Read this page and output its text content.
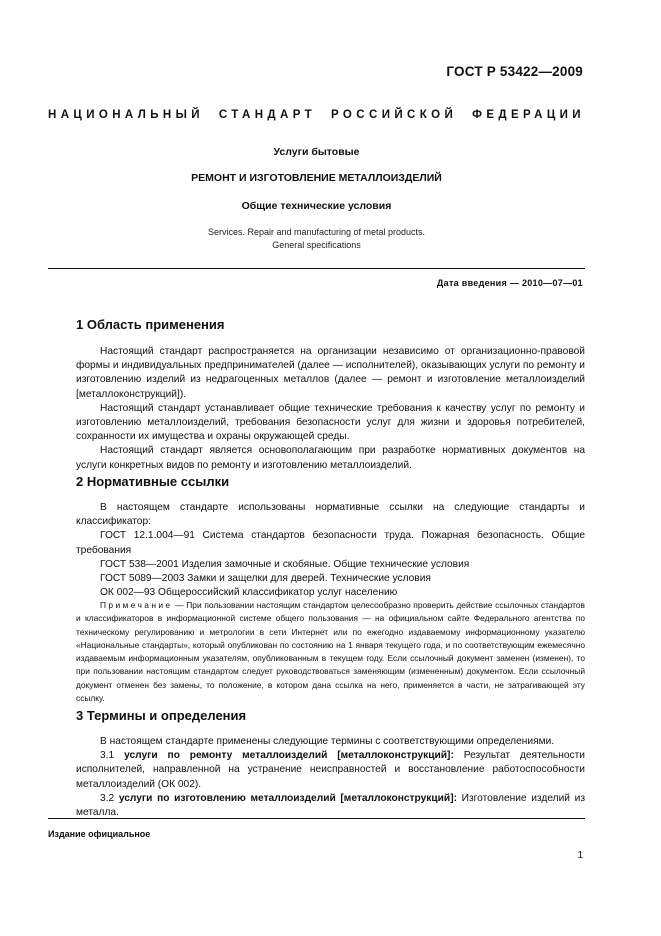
ГОСТ Р 53422—2009
НАЦИОНАЛЬНЫЙ СТАНДАРТ РОССИЙСКОЙ ФЕДЕРАЦИИ
Услуги бытовые
РЕМОНТ И ИЗГОТОВЛЕНИЕ МЕТАЛЛОИЗДЕЛИЙ
Общие технические условия
Services. Repair and manufacturing of metal products.
General specifications
Дата введения — 2010—07—01
1 Область применения

Настоящий стандарт распространяется на организации независимо от организационно-правовой формы и индивидуальных предпринимателей (далее — исполнителей), оказывающих услуги по ремонту и изготовлению изделий из недрагоценных металлов (далее — ремонт и изготовление металлоизделий [металлоконструкций]).

Настоящий стандарт устанавливает общие технические требования к качеству услуг по ремонту и изготовлению металлоизделий, требования безопасности услуг для жизни и здоровья потребителей, сохранности их имущества и охраны окружающей среды.

Настоящий стандарт является основополагающим при разработке нормативных документов на услуги конкретных видов по ремонту и изготовлению металлоизделий.

2 Нормативные ссылки

В настоящем стандарте использованы нормативные ссылки на следующие стандарты и классификатор:

ГОСТ 12.1.004—91 Система стандартов безопасности труда. Пожарная безопасность. Общие требования

ГОСТ 538—2001 Изделия замочные и скобяные. Общие технические условия

ГОСТ 5089—2003 Замки и защелки для дверей. Технические условия

ОК 002—93 Общероссийский классификатор услуг населению

Примечание — При пользовании настоящим стандартом целесообразно проверить действие ссылочных стандартов и классификаторов в информационной системе общего пользования — на официальном сайте Федерального агентства по техническому регулированию и метрологии в сети Интернет или по ежегодно издаваемому информационному указателю «Национальные стандарты», который опубликован по состоянию на 1 января текущего года, и по соответствующим ежемесячно издаваемым информационным указателям, опубликованным в текущем году. Если ссылочный документ заменен (изменен), то при пользовании настоящим стандартом следует руководствоваться заменяющим (измененным) документом. Если ссылочный документ отменен без замены, то положение, в котором дана ссылка на него, применяется в части, не затрагивающей эту ссылку.

3 Термины и определения

В настоящем стандарте применены следующие термины с соответствующими определениями.

3.1 услуги по ремонту металлоизделий [металлоконструкций]: Результат деятельности исполнителей, направленной на устранение неисправностей и восстановление работоспособности металлоизделий (ОК 002).

3.2 услуги по изготовлению металлоизделий [металлоконструкций]: Изготовление изделий из металла.

Издание официальное
1
